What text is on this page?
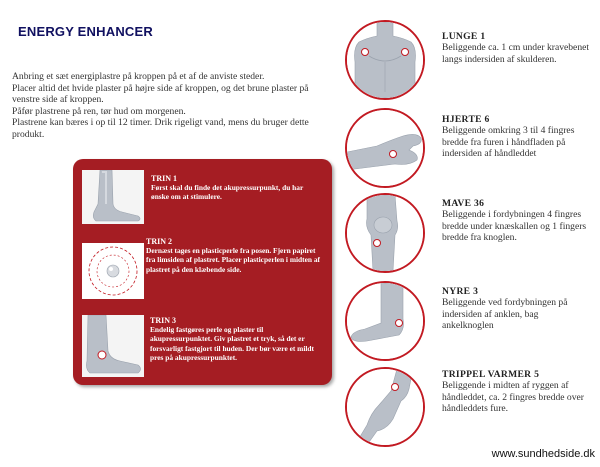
ENERGY ENHANCER

Anbring et sæt energiplastre på kroppen på et af de anviste steder.

Placer altid det hvide plaster på højre side af kroppen, og det brune plaster på venstre side af kroppen.

Påfør plastrene på ren, tør hud om morgenen.

Plastrene kan bæres i op til 12 timer. Drik rigeligt vand, mens du bruger dette produkt.

TRIN 1
Først skal du finde det akupressurpunkt, du har ønske om at stimulere.
TRIN 2
Dernæst tages en plasticperle fra posen. Fjern papiret fra limsiden af plastret. Placer plasticperlen i midten af plastret på den klæbende side.
TRIN 3
Endelig fastgøres perle og plaster til akupressurpunktet. Giv plastret et tryk, så det er forsvarligt fastgjort til huden. Der bør være et mildt pres på akupressurpunktet.
LUNGE 1
Beliggende ca. 1 cm under kravebenet langs indersiden af skulderen.
HJERTE 6
Beliggende omkring 3 til 4 fingres bredde fra furen i håndfladen på indersiden af håndleddet
MAVE 36
Beliggende i fordybningen 4 fingres bredde under knæskallen og 1 fingers bredde fra knoglen.
NYRE 3
Beliggende ved fordybningen på indersiden af anklen, bag ankelknoglen
TRIPPEL VARMER 5
Beliggende i midten af ryggen af håndleddet, ca. 2 fingres bredde over håndleddets fure.
www.sundhedside.dk
